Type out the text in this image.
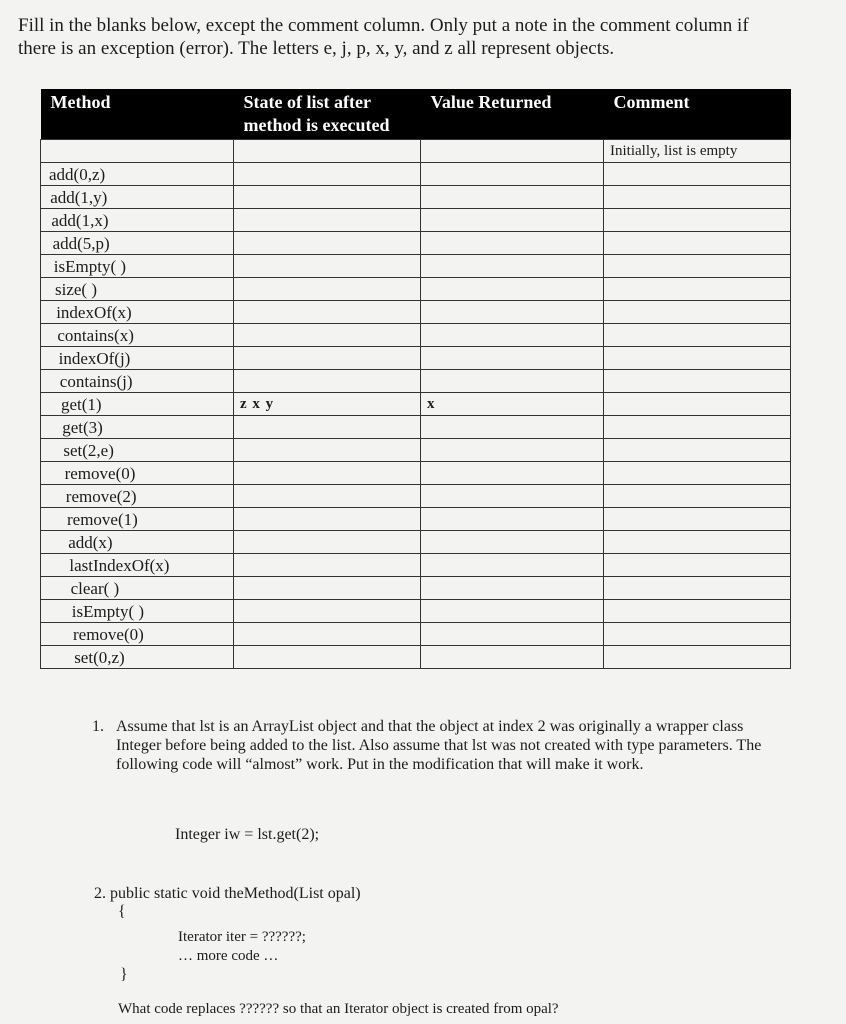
Fill in the blanks below, except the comment column. Only put a note in the comment column if
there is an exception (error). The letters e, j, p, x, y, and z all represent objects.
Method	State of list after method is executed	Value Returned	Comment
			Initially, list is empty
add(0,z)			
add(1,y)			
add(1,x)			
add(5,p)			
isEmpty( )			
size( )			
indexOf(x)			
contains(x)			
indexOf(j)			
contains(j)			
get(1)	z x y	x	
get(3)			
set(2,e)			
remove(0)			
remove(2)			
remove(1)			
add(x)			
lastIndexOf(x)			
clear( )			
isEmpty( )			
remove(0)			
set(0,z)			
1. Assume that lst is an ArrayList object and that the object at index 2 was originally a wrapper class Integer before being added to the list. Also assume that lst was not created with type parameters. The following code will “almost” work. Put in the modification that will make it work.
Integer iw = lst.get(2);
2. public static void theMethod(List opal)
{
Iterator iter = ??????;
… more code …
}
What code replaces ?????? so that an Iterator object is created from opal?
